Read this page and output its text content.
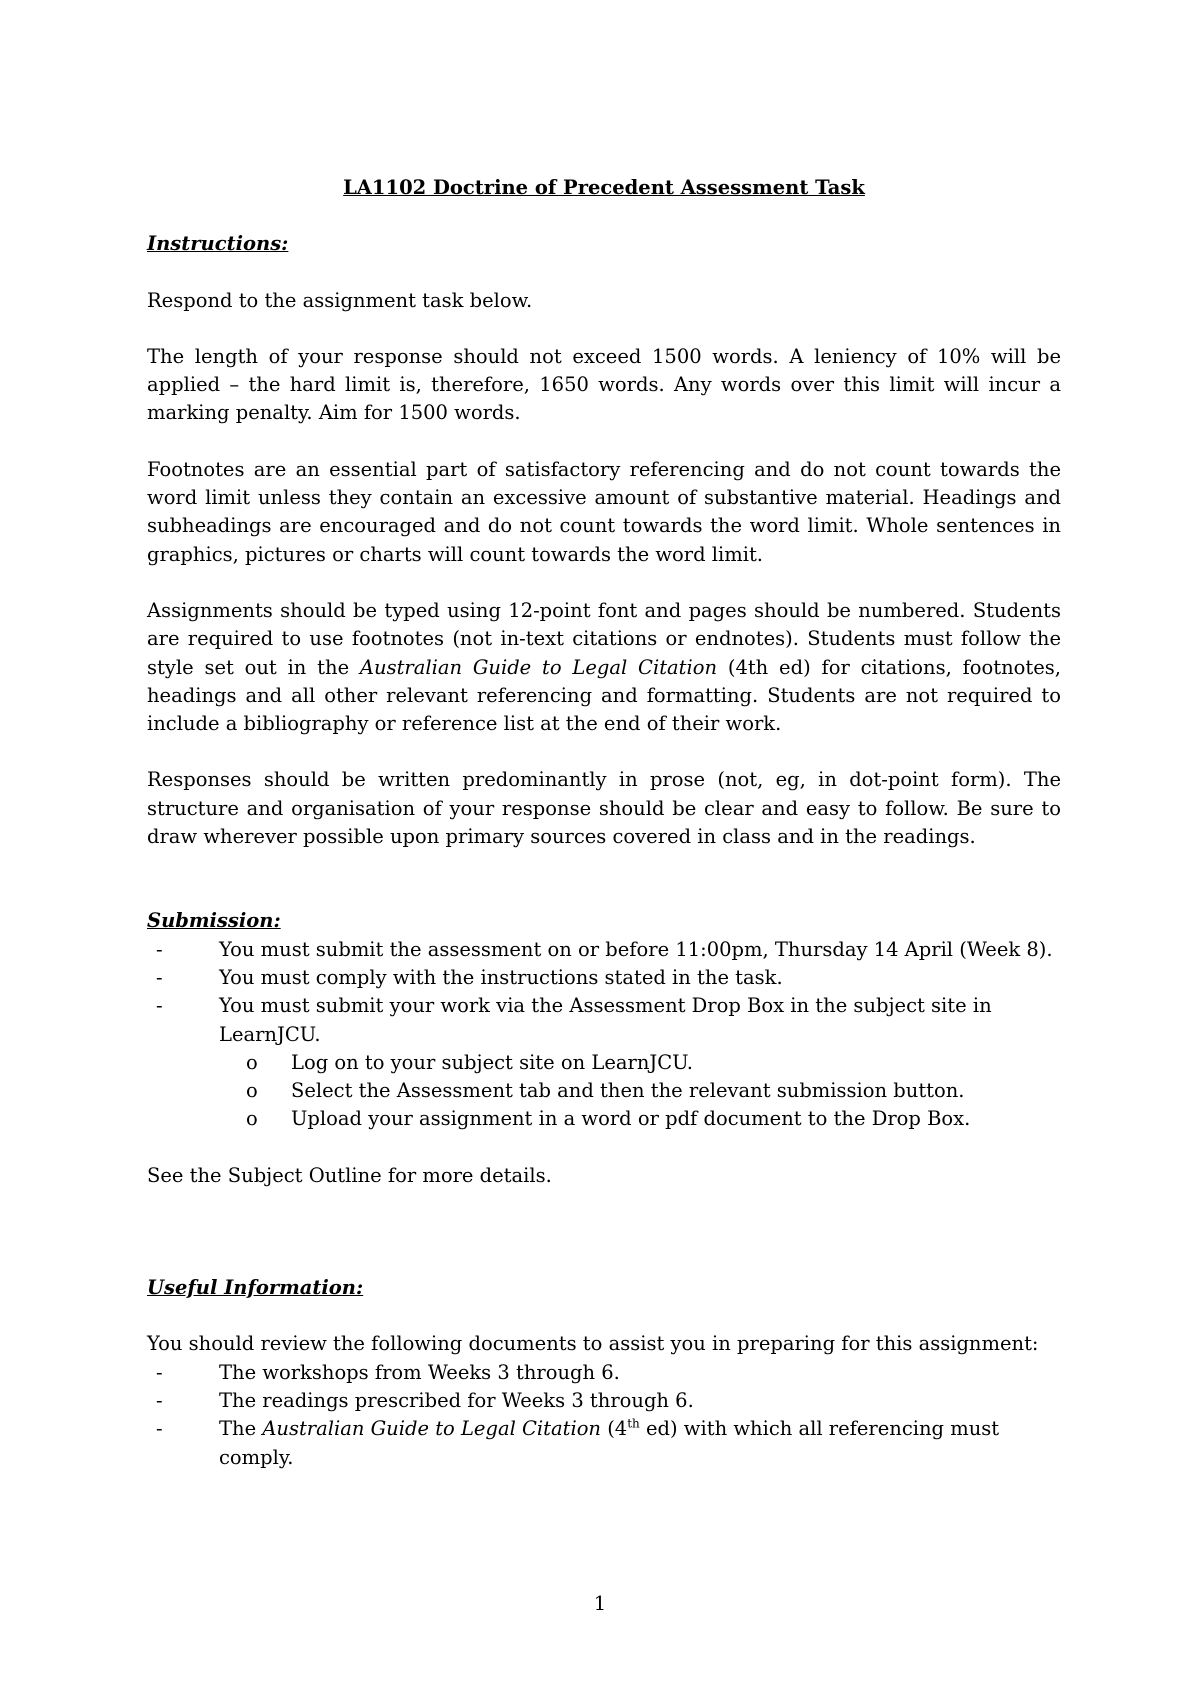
LA1102 Doctrine of Precedent Assessment Task

Instructions:

Respond to the assignment task below.

The length of your response should not exceed 1500 words. A leniency of 10% will be applied – the hard limit is, therefore, 1650 words. Any words over this limit will incur a marking penalty. Aim for 1500 words.

Footnotes are an essential part of satisfactory referencing and do not count towards the word limit unless they contain an excessive amount of substantive material. Headings and subheadings are encouraged and do not count towards the word limit. Whole sentences in graphics, pictures or charts will count towards the word limit.

Assignments should be typed using 12-point font and pages should be numbered. Students are required to use footnotes (not in-text citations or endnotes). Students must follow the style set out in the Australian Guide to Legal Citation (4th ed) for citations, footnotes, headings and all other relevant referencing and formatting. Students are not required to include a bibliography or reference list at the end of their work.

Responses should be written predominantly in prose (not, eg, in dot-point form). The structure and organisation of your response should be clear and easy to follow. Be sure to draw wherever possible upon primary sources covered in class and in the readings.

Submission:

-	You must submit the assessment on or before 11:00pm, Thursday 14 April (Week 8).
-	You must comply with the instructions stated in the task.
-	You must submit your work via the Assessment Drop Box in the subject site in LearnJCU.
o Log on to your subject site on LearnJCU.
o Select the Assessment tab and then the relevant submission button.
o Upload your assignment in a word or pdf document to the Drop Box.

See the Subject Outline for more details.

Useful Information:

You should review the following documents to assist you in preparing for this assignment:

-	The workshops from Weeks 3 through 6.
-	The readings prescribed for Weeks 3 through 6.
-	The Australian Guide to Legal Citation (4th ed) with which all referencing must comply.
1
